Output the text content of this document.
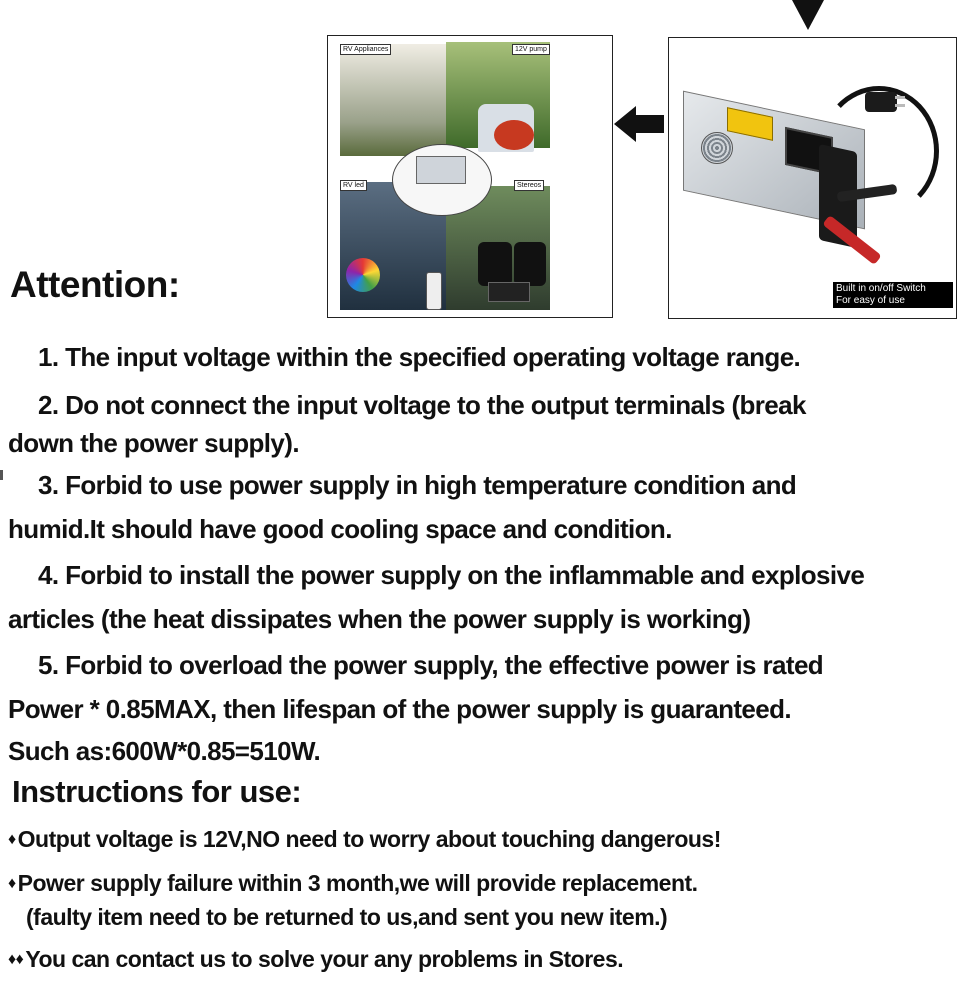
RV Appliances	12V pump
RV led	Stereos
Built in on/off Switch
For easy of use
Attention:
1. The input voltage within the specified operating voltage range.
2. Do not connect the input voltage to the output terminals (break
down the power supply).
3. Forbid to use power supply in high temperature condition and
humid.It should have good cooling space and condition.
4. Forbid to install the power supply on the inflammable and explosive
articles (the heat dissipates when the power supply is working)
5. Forbid to overload the power supply, the effective power is rated
Power * 0.85MAX, then lifespan of the power supply is guaranteed.
Such as:600W*0.85=510W.
Instructions for use:
♦Output voltage is 12V,NO need to worry about touching dangerous!
♦Power supply failure within 3 month,we will provide replacement.
(faulty item need to be returned to us,and sent you new item.)
♦♦You can contact us to solve your any problems in Stores.
